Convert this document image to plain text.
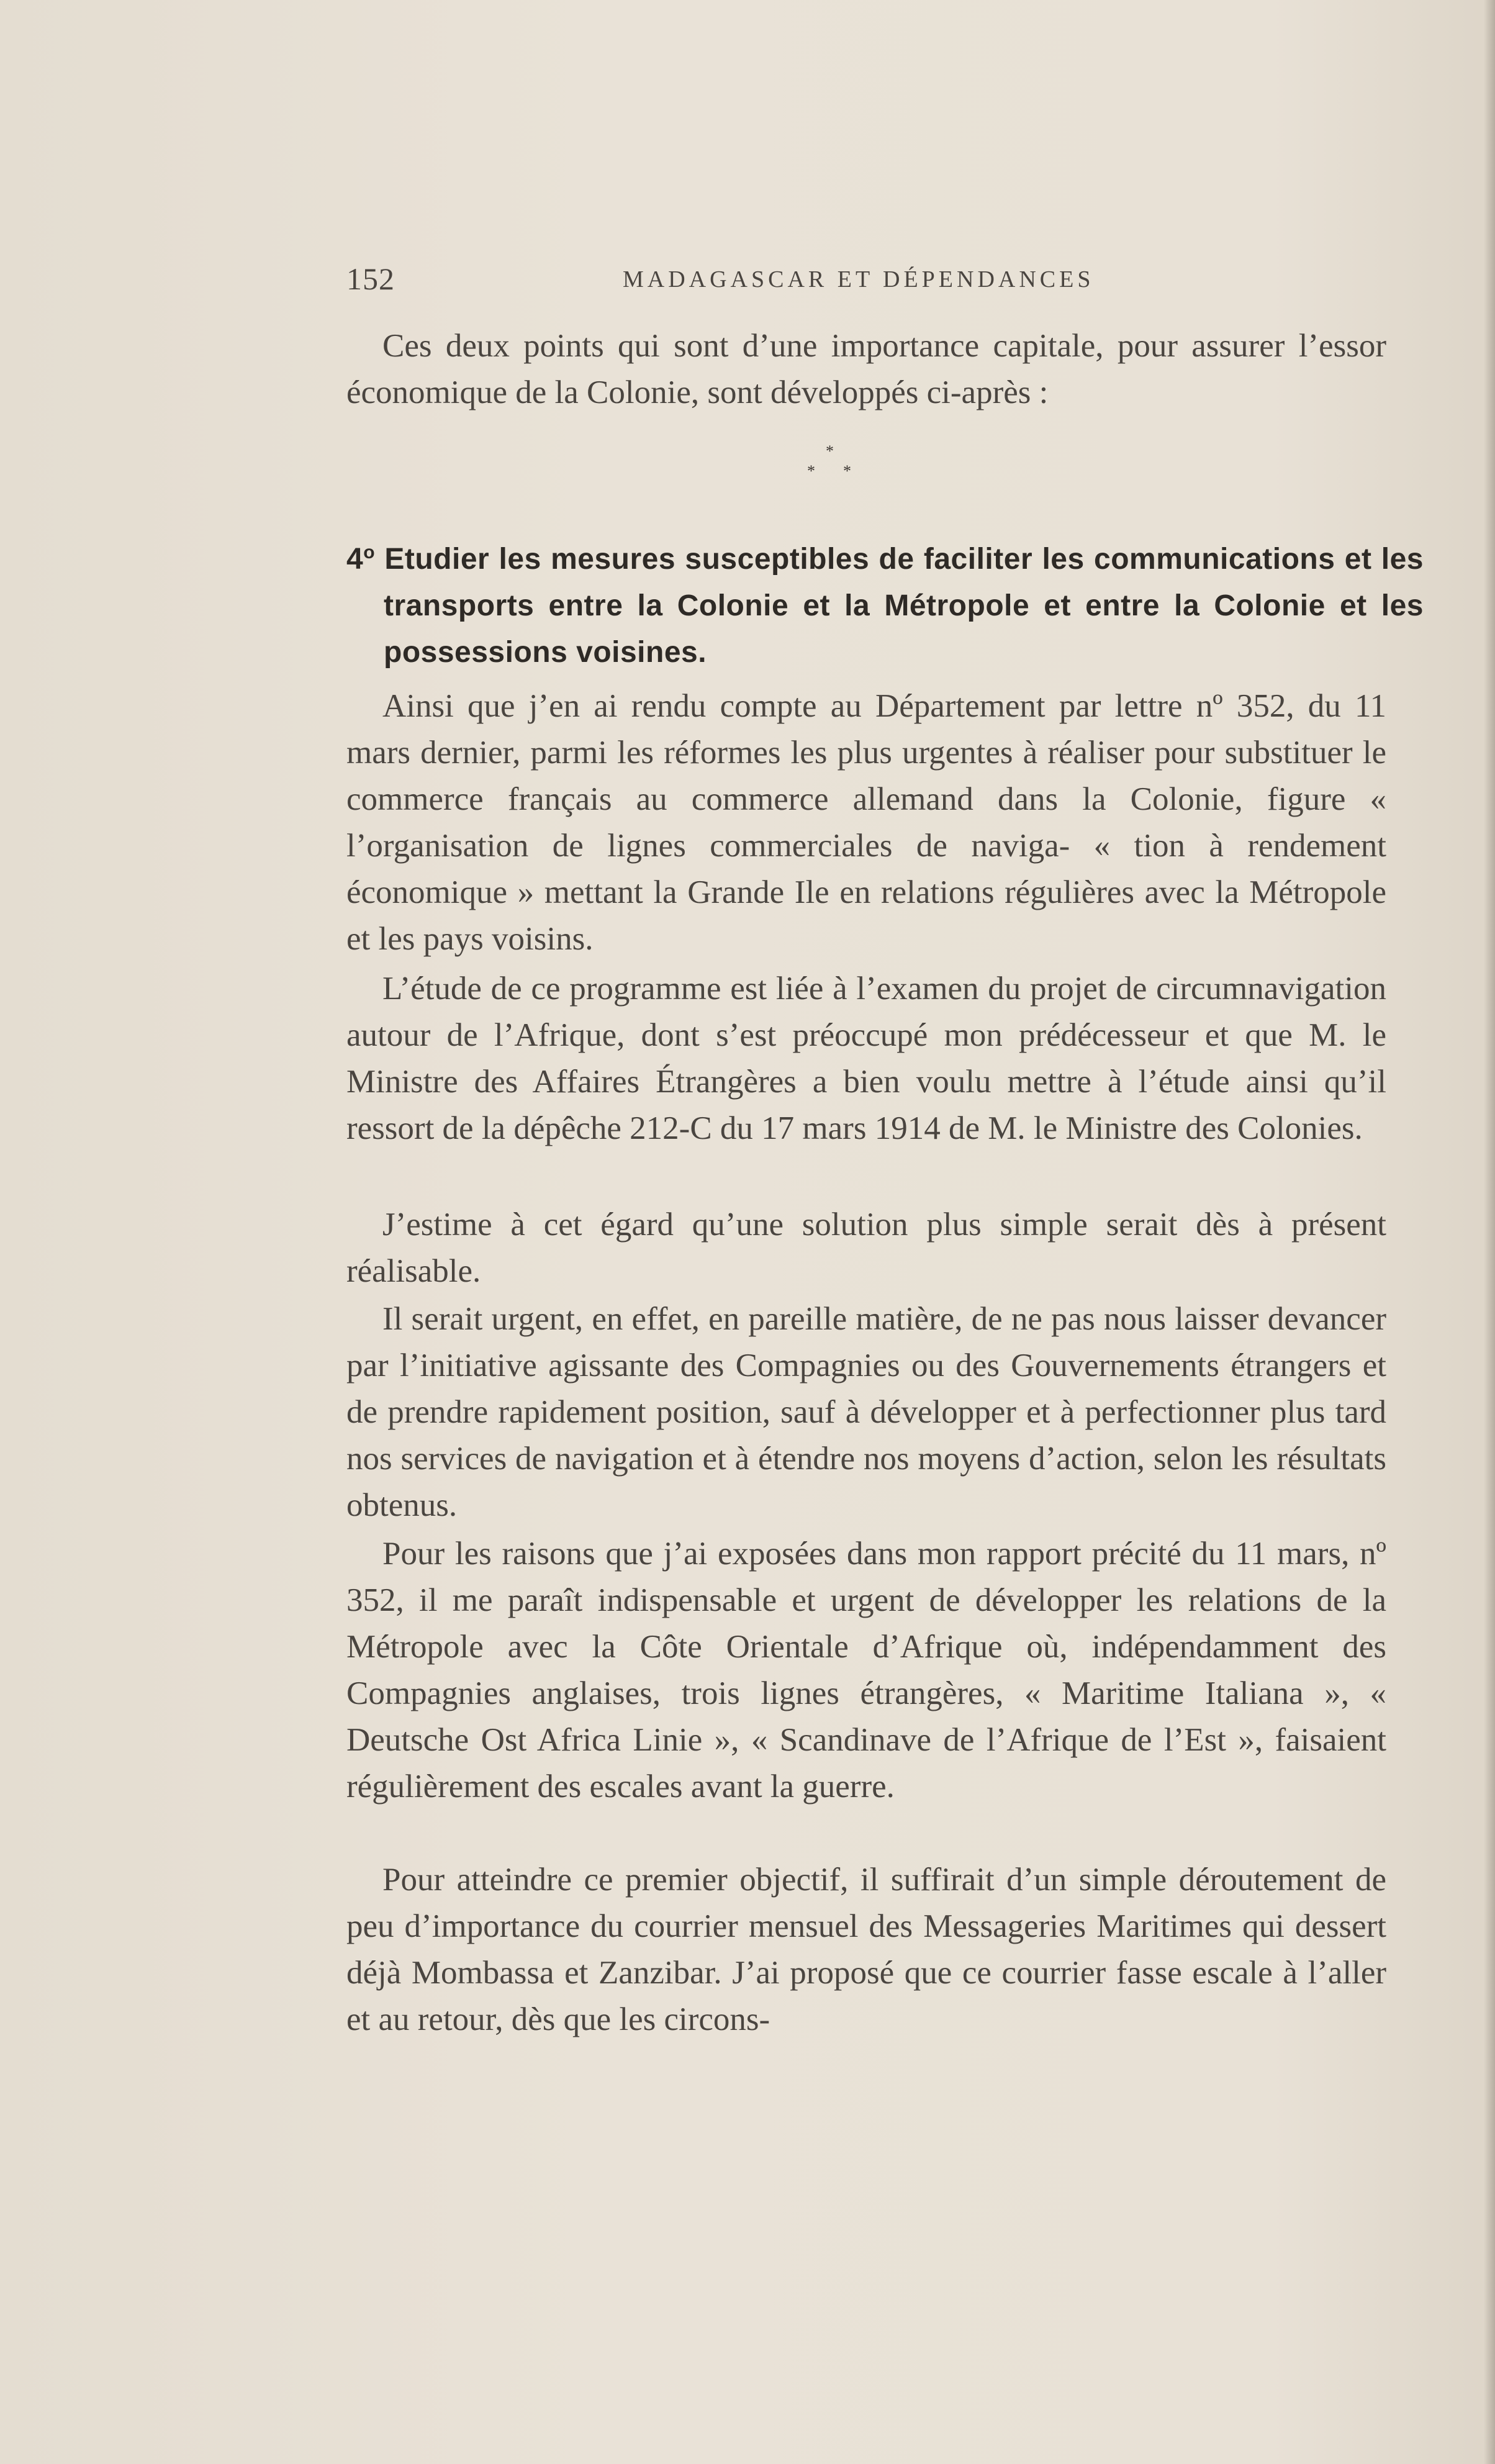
152	MADAGASCAR ET DÉPENDANCES

Ces deux points qui sont d’une importance capitale, pour assurer l’essor économique de la Colonie, sont développés ci-après :

*
* *
4$^o$ Etudier les mesures susceptibles de faciliter les communications et les transports entre la Colonie et la Métropole et entre la Colonie et les possessions voisines.

Ainsi que j’en ai rendu compte au Département par lettre nº 352, du 11 mars dernier, parmi les réformes les plus urgentes à réaliser pour substituer le commerce français au commerce allemand dans la Colonie, figure « l’organisation de lignes commerciales de naviga- « tion à rendement économique » mettant la Grande Ile en relations régulières avec la Métropole et les pays voisins.

L’étude de ce programme est liée à l’examen du projet de circumnavigation autour de l’Afrique, dont s’est préoccupé mon prédécesseur et que M. le Ministre des Affaires Étrangères a bien voulu mettre à l’étude ainsi qu’il ressort de la dépêche 212-C du 17 mars 1914 de M. le Ministre des Colonies.

J’estime à cet égard qu’une solution plus simple serait dès à présent réalisable.

Il serait urgent, en effet, en pareille matière, de ne pas nous laisser devancer par l’initiative agissante des Compagnies ou des Gouvernements étrangers et de prendre rapidement position, sauf à développer et à perfectionner plus tard nos services de navigation et à étendre nos moyens d’action, selon les résultats obtenus.

Pour les raisons que j’ai exposées dans mon rapport précité du 11 mars, nº 352, il me paraît indispensable et urgent de développer les relations de la Métropole avec la Côte Orientale d’Afrique où, indépendamment des Compagnies anglaises, trois lignes étrangères, « Maritime Italiana », « Deutsche Ost Africa Linie », « Scandinave de l’Afrique de l’Est », faisaient régulièrement des escales avant la guerre.

Pour atteindre ce premier objectif, il suffirait d’un simple déroutement de peu d’importance du courrier mensuel des Messageries Maritimes qui dessert déjà Mombassa et Zanzibar. J’ai proposé que ce courrier fasse escale à l’aller et au retour, dès que les circons-
